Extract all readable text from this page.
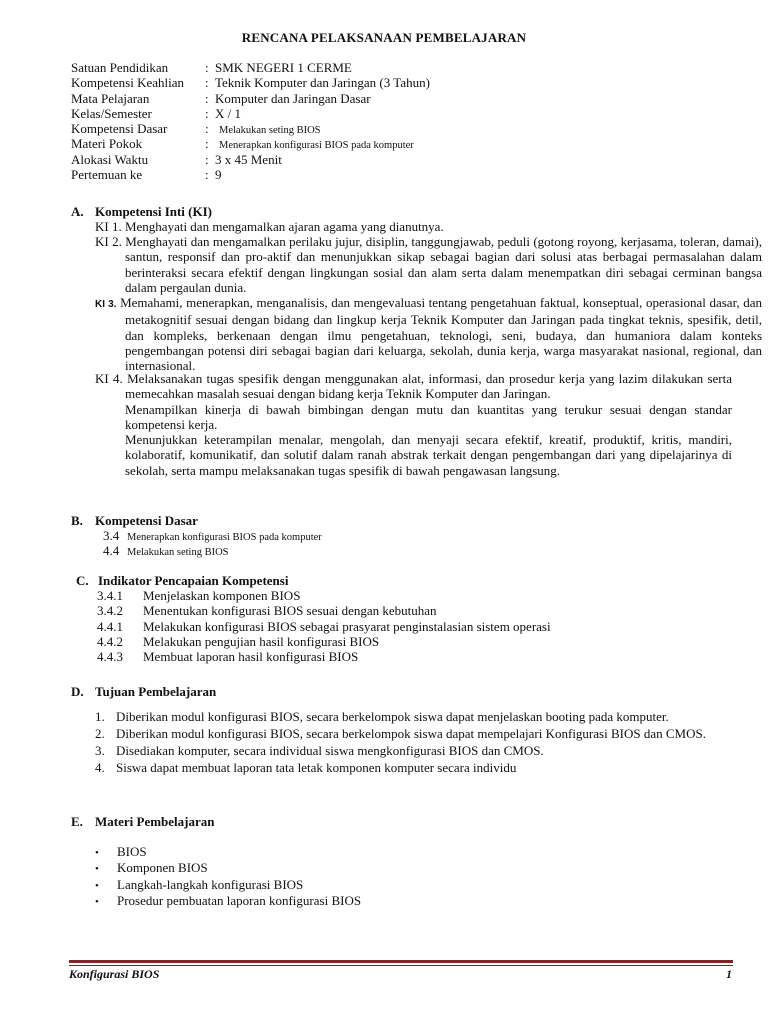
RENCANA PELAKSANAAN PEMBELAJARAN
Satuan Pendidikan	: SMK NEGERI 1 CERME
Kompetensi Keahlian : Teknik Komputer dan Jaringan (3 Tahun)
Mata Pelajaran	: Komputer dan Jaringan Dasar
Kelas/Semester	: X / 1
Kompetensi Dasar	: Melakukan seting BIOS
Materi Pokok	: Menerapkan konfigurasi BIOS pada komputer
Alokasi Waktu	: 3 x 45 Menit
Pertemuan ke	: 9
A. Kompetensi Inti (KI)
KI 1. Menghayati dan mengamalkan ajaran agama yang dianutnya.
KI 2. Menghayati dan mengamalkan perilaku jujur, disiplin, tanggungjawab, peduli (gotong royong, kerjasama, toleran, damai), santun, responsif dan pro-aktif dan menunjukkan sikap sebagai bagian dari solusi atas berbagai permasalahan dalam berinteraksi secara efektif dengan lingkungan sosial dan alam serta dalam menempatkan diri sebagai cerminan bangsa dalam pergaulan dunia.
KI 3. Memahami, menerapkan, menganalisis, dan mengevaluasi tentang pengetahuan faktual, konseptual, operasional dasar, dan metakognitif sesuai dengan bidang dan lingkup kerja Teknik Komputer dan Jaringan pada tingkat teknis, spesifik, detil, dan kompleks, berkenaan dengan ilmu pengetahuan, teknologi, seni, budaya, dan humaniora dalam konteks pengembangan potensi diri sebagai bagian dari keluarga, sekolah, dunia kerja, warga masyarakat nasional, regional, dan internasional.
KI 4. Melaksanakan tugas spesifik dengan menggunakan alat, informasi, dan prosedur kerja yang lazim dilakukan serta memecahkan masalah sesuai dengan bidang kerja Teknik Komputer dan Jaringan.
Menampilkan kinerja di bawah bimbingan dengan mutu dan kuantitas yang terukur sesuai dengan standar kompetensi kerja.
Menunjukkan keterampilan menalar, mengolah, dan menyaji secara efektif, kreatif, produktif, kritis, mandiri, kolaboratif, komunikatif, dan solutif dalam ranah abstrak terkait dengan pengembangan dari yang dipelajarinya di sekolah, serta mampu melaksanakan tugas spesifik di bawah pengawasan langsung.
B. Kompetensi Dasar
3.4 Menerapkan konfigurasi BIOS pada komputer
4.4 Melakukan seting BIOS
C. Indikator Pencapaian Kompetensi
3.4.1 Menjelaskan komponen BIOS
3.4.2 Menentukan konfigurasi BIOS sesuai dengan kebutuhan
4.4.1 Melakukan konfigurasi BIOS sebagai prasyarat penginstalasian sistem operasi
4.4.2 Melakukan pengujian hasil konfigurasi BIOS
4.4.3 Membuat laporan hasil konfigurasi BIOS
D. Tujuan Pembelajaran
1. Diberikan modul konfigurasi BIOS, secara berkelompok siswa dapat menjelaskan booting pada komputer.
2. Diberikan modul konfigurasi BIOS, secara berkelompok siswa dapat mempelajari Konfigurasi BIOS dan CMOS.
3. Disediakan komputer, secara individual siswa mengkonfigurasi BIOS dan CMOS.
4. Siswa dapat membuat laporan tata letak komponen komputer secara individu
E. Materi Pembelajaran
• BIOS
• Komponen BIOS
• Langkah-langkah konfigurasi BIOS
• Prosedur pembuatan laporan konfigurasi BIOS
Konfigurasi BIOS	1
